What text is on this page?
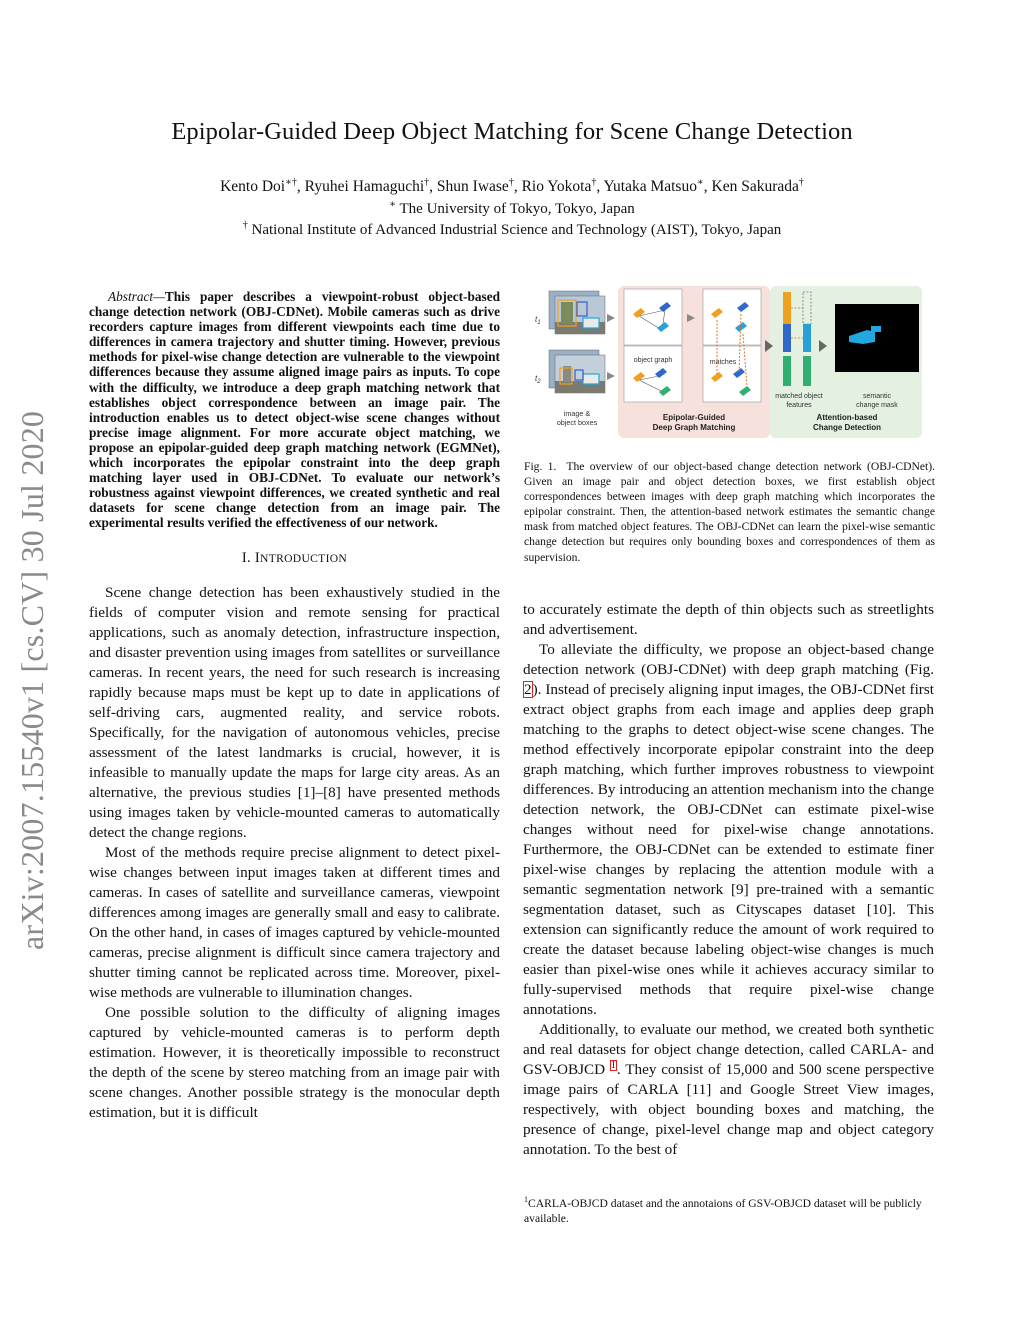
Epipolar-Guided Deep Object Matching for Scene Change Detection
Kento Doi∗†, Ryuhei Hamaguchi†, Shun Iwase†, Rio Yokota†, Yutaka Matsuo∗, Ken Sakurada†
∗ The University of Tokyo, Tokyo, Japan
† National Institute of Advanced Industrial Science and Technology (AIST), Tokyo, Japan
arXiv:2007.15540v1 [cs.CV] 30 Jul 2020

Abstract—This paper describes a viewpoint-robust object-based change detection network (OBJ-CDNet). Mobile cameras such as drive recorders capture images from different viewpoints each time due to differences in camera trajectory and shutter timing. However, previous methods for pixel-wise change detection are vulnerable to the viewpoint differences because they assume aligned image pairs as inputs. To cope with the difficulty, we introduce a deep graph matching network that establishes object correspondence between an image pair. The introduction enables us to detect object-wise scene changes without precise image alignment. For more accurate object matching, we propose an epipolar-guided deep graph matching network (EGMNet), which incorporates the epipolar constraint into the deep graph matching layer used in OBJ-CDNet. To evaluate our network’s robustness against viewpoint differences, we created synthetic and real datasets for scene change detection from an image pair. The experimental results verified the effectiveness of our network.

I. INTRODUCTION

Scene change detection has been exhaustively studied in the fields of computer vision and remote sensing for practical applications, such as anomaly detection, infrastructure inspection, and disaster prevention using images from satellites or surveillance cameras. In recent years, the need for such research is increasing rapidly because maps must be kept up to date in applications of self-driving cars, augmented reality, and service robots. Specifically, for the navigation of autonomous vehicles, precise assessment of the latest landmarks is crucial, however, it is infeasible to manually update the maps for large city areas. As an alternative, the previous studies [1]–[8] have presented methods using images taken by vehicle-mounted cameras to automatically detect the change regions.

Most of the methods require precise alignment to detect pixel-wise changes between input images taken at different times and cameras. In cases of satellite and surveillance cameras, viewpoint differences among images are generally small and easy to calibrate. On the other hand, in cases of images captured by vehicle-mounted cameras, precise alignment is difficult since camera trajectory and shutter timing cannot be replicated across time. Moreover, pixel-wise methods are vulnerable to illumination changes.

One possible solution to the difficulty of aligning images captured by vehicle-mounted cameras is to perform depth estimation. However, it is theoretically impossible to reconstruct the depth of the scene by stereo matching from an image pair with scene changes. Another possible strategy is the monocular depth estimation, but it is difficult

$t_1$
$t_2$
image &
object boxes
object graph	matches
Epipolar-Guided
Deep Graph Matching
matched object
features
semantic
change mask
Attention-based
Change Detection
Fig. 1. The overview of our object-based change detection network (OBJ-CDNet). Given an image pair and object detection boxes, we first establish object correspondences between images with deep graph matching which incorporates the epipolar constraint. Then, the attention-based network estimates the semantic change mask from matched object features. The OBJ-CDNet can learn the pixel-wise semantic change detection but requires only bounding boxes and correspondences of them as supervision.

to accurately estimate the depth of thin objects such as streetlights and advertisement.

To alleviate the difficulty, we propose an object-based change detection network (OBJ-CDNet) with deep graph matching (Fig. 2). Instead of precisely aligning input images, the OBJ-CDNet first extract object graphs from each image and applies deep graph matching to the graphs to detect object-wise scene changes. The method effectively incorporate epipolar constraint into the deep graph matching, which further improves robustness to viewpoint differences. By introducing an attention mechanism into the change detection network, the OBJ-CDNet can estimate pixel-wise changes without need for pixel-wise change annotations. Furthermore, the OBJ-CDNet can be extended to estimate finer pixel-wise changes by replacing the attention module with a semantic segmentation network [9] pre-trained with a semantic segmentation dataset, such as Cityscapes dataset [10]. This extension can significantly reduce the amount of work required to create the dataset because labeling object-wise changes is much easier than pixel-wise ones while it achieves accuracy similar to fully-supervised methods that require pixel-wise change annotations.

Additionally, to evaluate our method, we created both synthetic and real datasets for object change detection, called CARLA- and GSV-OBJCD $^1$. They consist of 15,000 and 500 scene perspective image pairs of CARLA [11] and Google Street View images, respectively, with object bounding boxes and matching, the presence of change, pixel-level change map and object category annotation. To the best of

$^1$CARLA-OBJCD dataset and the annotaions of GSV-OBJCD dataset will be publicly available.
